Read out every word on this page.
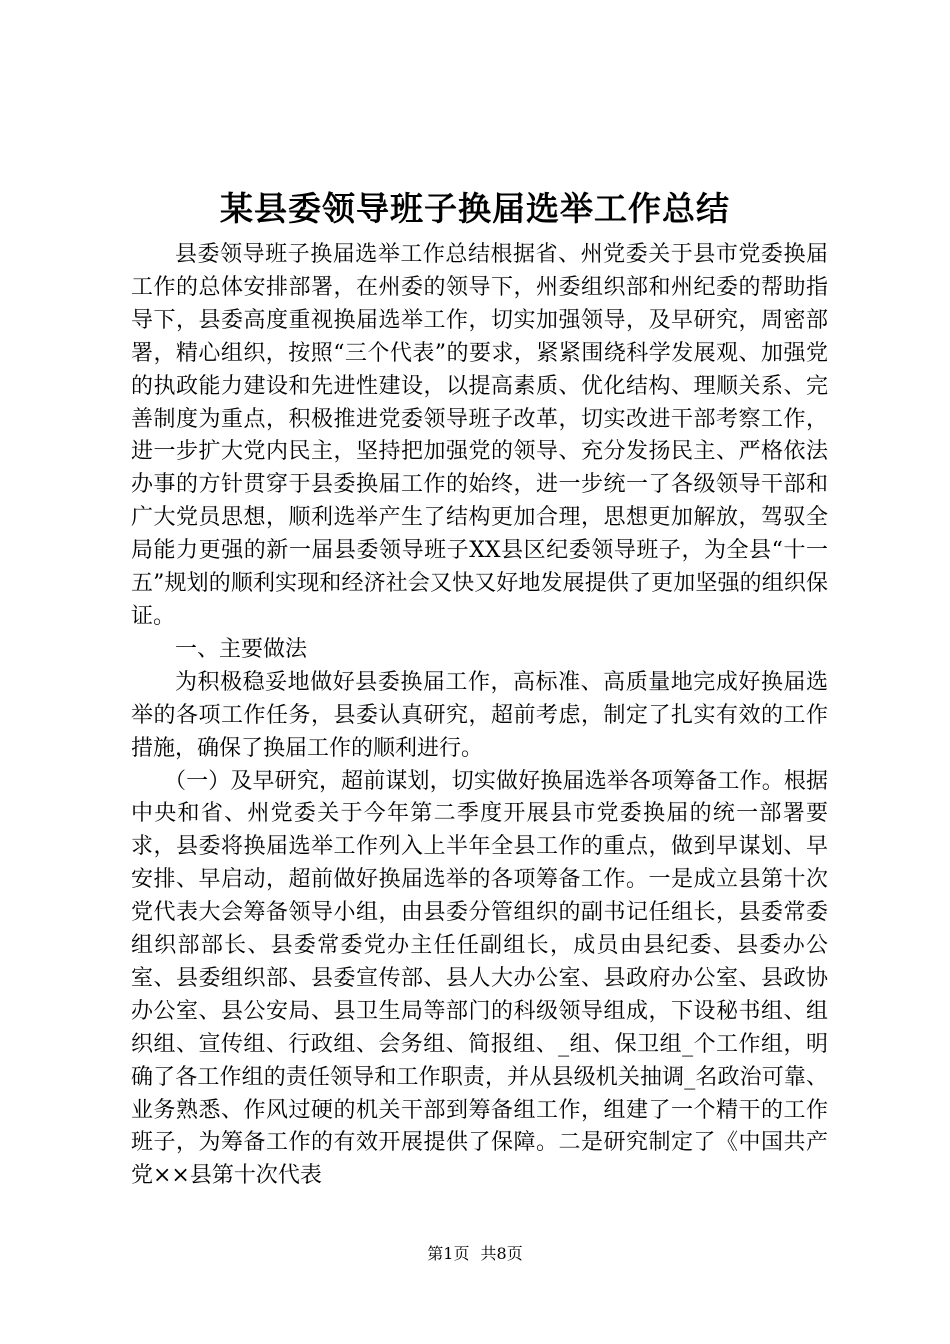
某县委领导班子换届选举工作总结

县委领导班子换届选举工作总结根据省、州党委关于县市党委换届工作的总体安排部署，在州委的领导下，州委组织部和州纪委的帮助指导下，县委高度重视换届选举工作，切实加强领导，及早研究，周密部署，精心组织，按照“三个代表”的要求，紧紧围绕科学发展观、加强党的执政能力建设和先进性建设，以提高素质、优化结构、理顺关系、完善制度为重点，积极推进党委领导班子改革，切实改进干部考察工作，进一步扩大党内民主，坚持把加强党的领导、充分发扬民主、严格依法办事的方针贯穿于县委换届工作的始终，进一步统一了各级领导干部和广大党员思想，顺利选举产生了结构更加合理，思想更加解放，驾驭全局能力更强的新一届县委领导班子XX县区纪委领导班子，为全县“十一五”规划的顺利实现和经济社会又快又好地发展提供了更加坚强的组织保证。

一、主要做法

为积极稳妥地做好县委换届工作，高标准、高质量地完成好换届选举的各项工作任务，县委认真研究，超前考虑，制定了扎实有效的工作措施，确保了换届工作的顺利进行。

（一）及早研究，超前谋划，切实做好换届选举各项筹备工作。根据中央和省、州党委关于今年第二季度开展县市党委换届的统一部署要求，县委将换届选举工作列入上半年全县工作的重点，做到早谋划、早安排、早启动，超前做好换届选举的各项筹备工作。一是成立县第十次党代表大会筹备领导小组，由县委分管组织的副书记任组长，县委常委组织部部长、县委常委党办主任任副组长，成员由县纪委、县委办公室、县委组织部、县委宣传部、县人大办公室、县政府办公室、县政协办公室、县公安局、县卫生局等部门的科级领导组成，下设秘书组、组织组、宣传组、行政组、会务组、简报组、_组、保卫组_个工作组，明确了各工作组的责任领导和工作职责，并从县级机关抽调_名政治可靠、业务熟悉、作风过硬的机关干部到筹备组工作，组建了一个精干的工作班子，为筹备工作的有效开展提供了保障。二是研究制定了《中国共产党××县第十次代表

第1页 共8页
